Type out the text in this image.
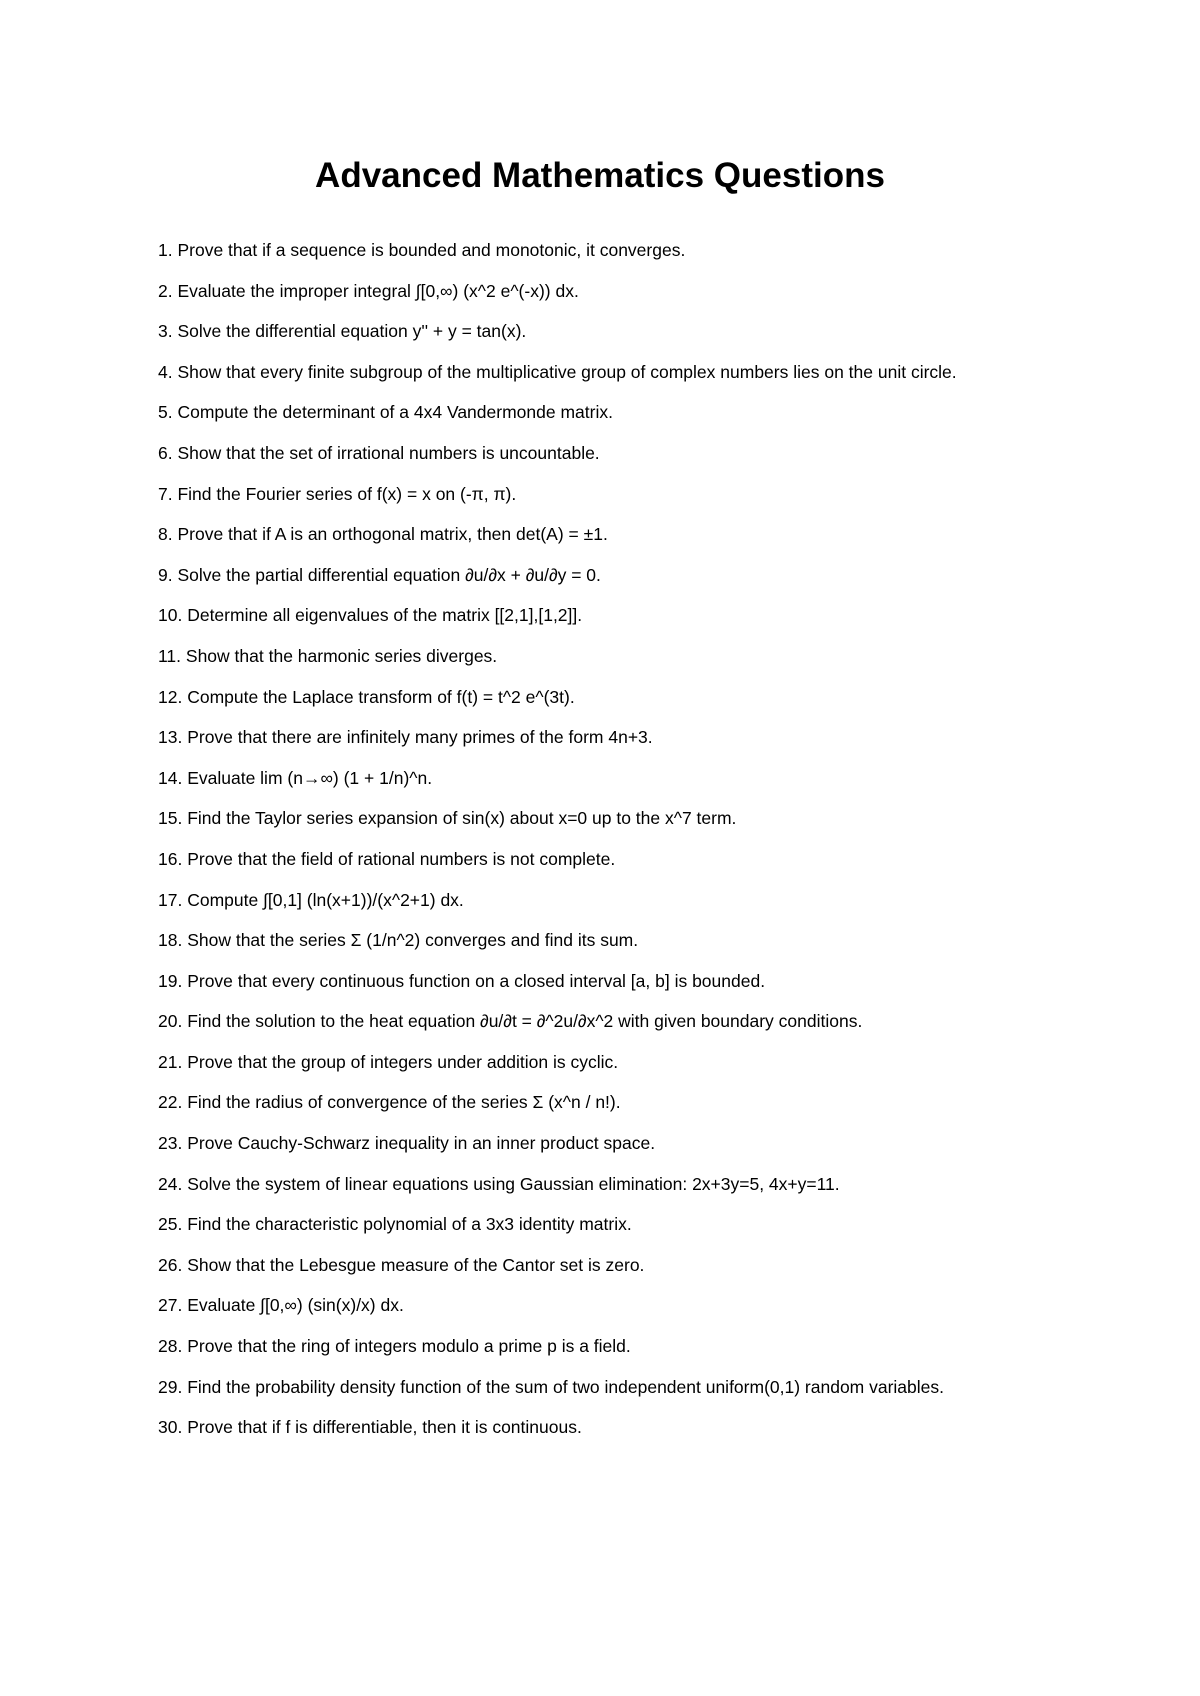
Advanced Mathematics Questions
1. Prove that if a sequence is bounded and monotonic, it converges.
2. Evaluate the improper integral ∫[0,∞) (x^2 e^(-x)) dx.
3. Solve the differential equation y'' + y = tan(x).
4. Show that every finite subgroup of the multiplicative group of complex numbers lies on the unit circle.
5. Compute the determinant of a 4x4 Vandermonde matrix.
6. Show that the set of irrational numbers is uncountable.
7. Find the Fourier series of f(x) = x on (-π, π).
8. Prove that if A is an orthogonal matrix, then det(A) = ±1.
9. Solve the partial differential equation ∂u/∂x + ∂u/∂y = 0.
10. Determine all eigenvalues of the matrix [[2,1],[1,2]].
11. Show that the harmonic series diverges.
12. Compute the Laplace transform of f(t) = t^2 e^(3t).
13. Prove that there are infinitely many primes of the form 4n+3.
14. Evaluate lim (n→∞) (1 + 1/n)^n.
15. Find the Taylor series expansion of sin(x) about x=0 up to the x^7 term.
16. Prove that the field of rational numbers is not complete.
17. Compute ∫[0,1] (ln(x+1))/(x^2+1) dx.
18. Show that the series Σ (1/n^2) converges and find its sum.
19. Prove that every continuous function on a closed interval [a, b] is bounded.
20. Find the solution to the heat equation ∂u/∂t = ∂^2u/∂x^2 with given boundary conditions.
21. Prove that the group of integers under addition is cyclic.
22. Find the radius of convergence of the series Σ (x^n / n!).
23. Prove Cauchy-Schwarz inequality in an inner product space.
24. Solve the system of linear equations using Gaussian elimination: 2x+3y=5, 4x+y=11.
25. Find the characteristic polynomial of a 3x3 identity matrix.
26. Show that the Lebesgue measure of the Cantor set is zero.
27. Evaluate ∫[0,∞) (sin(x)/x) dx.
28. Prove that the ring of integers modulo a prime p is a field.
29. Find the probability density function of the sum of two independent uniform(0,1) random variables.
30. Prove that if f is differentiable, then it is continuous.
